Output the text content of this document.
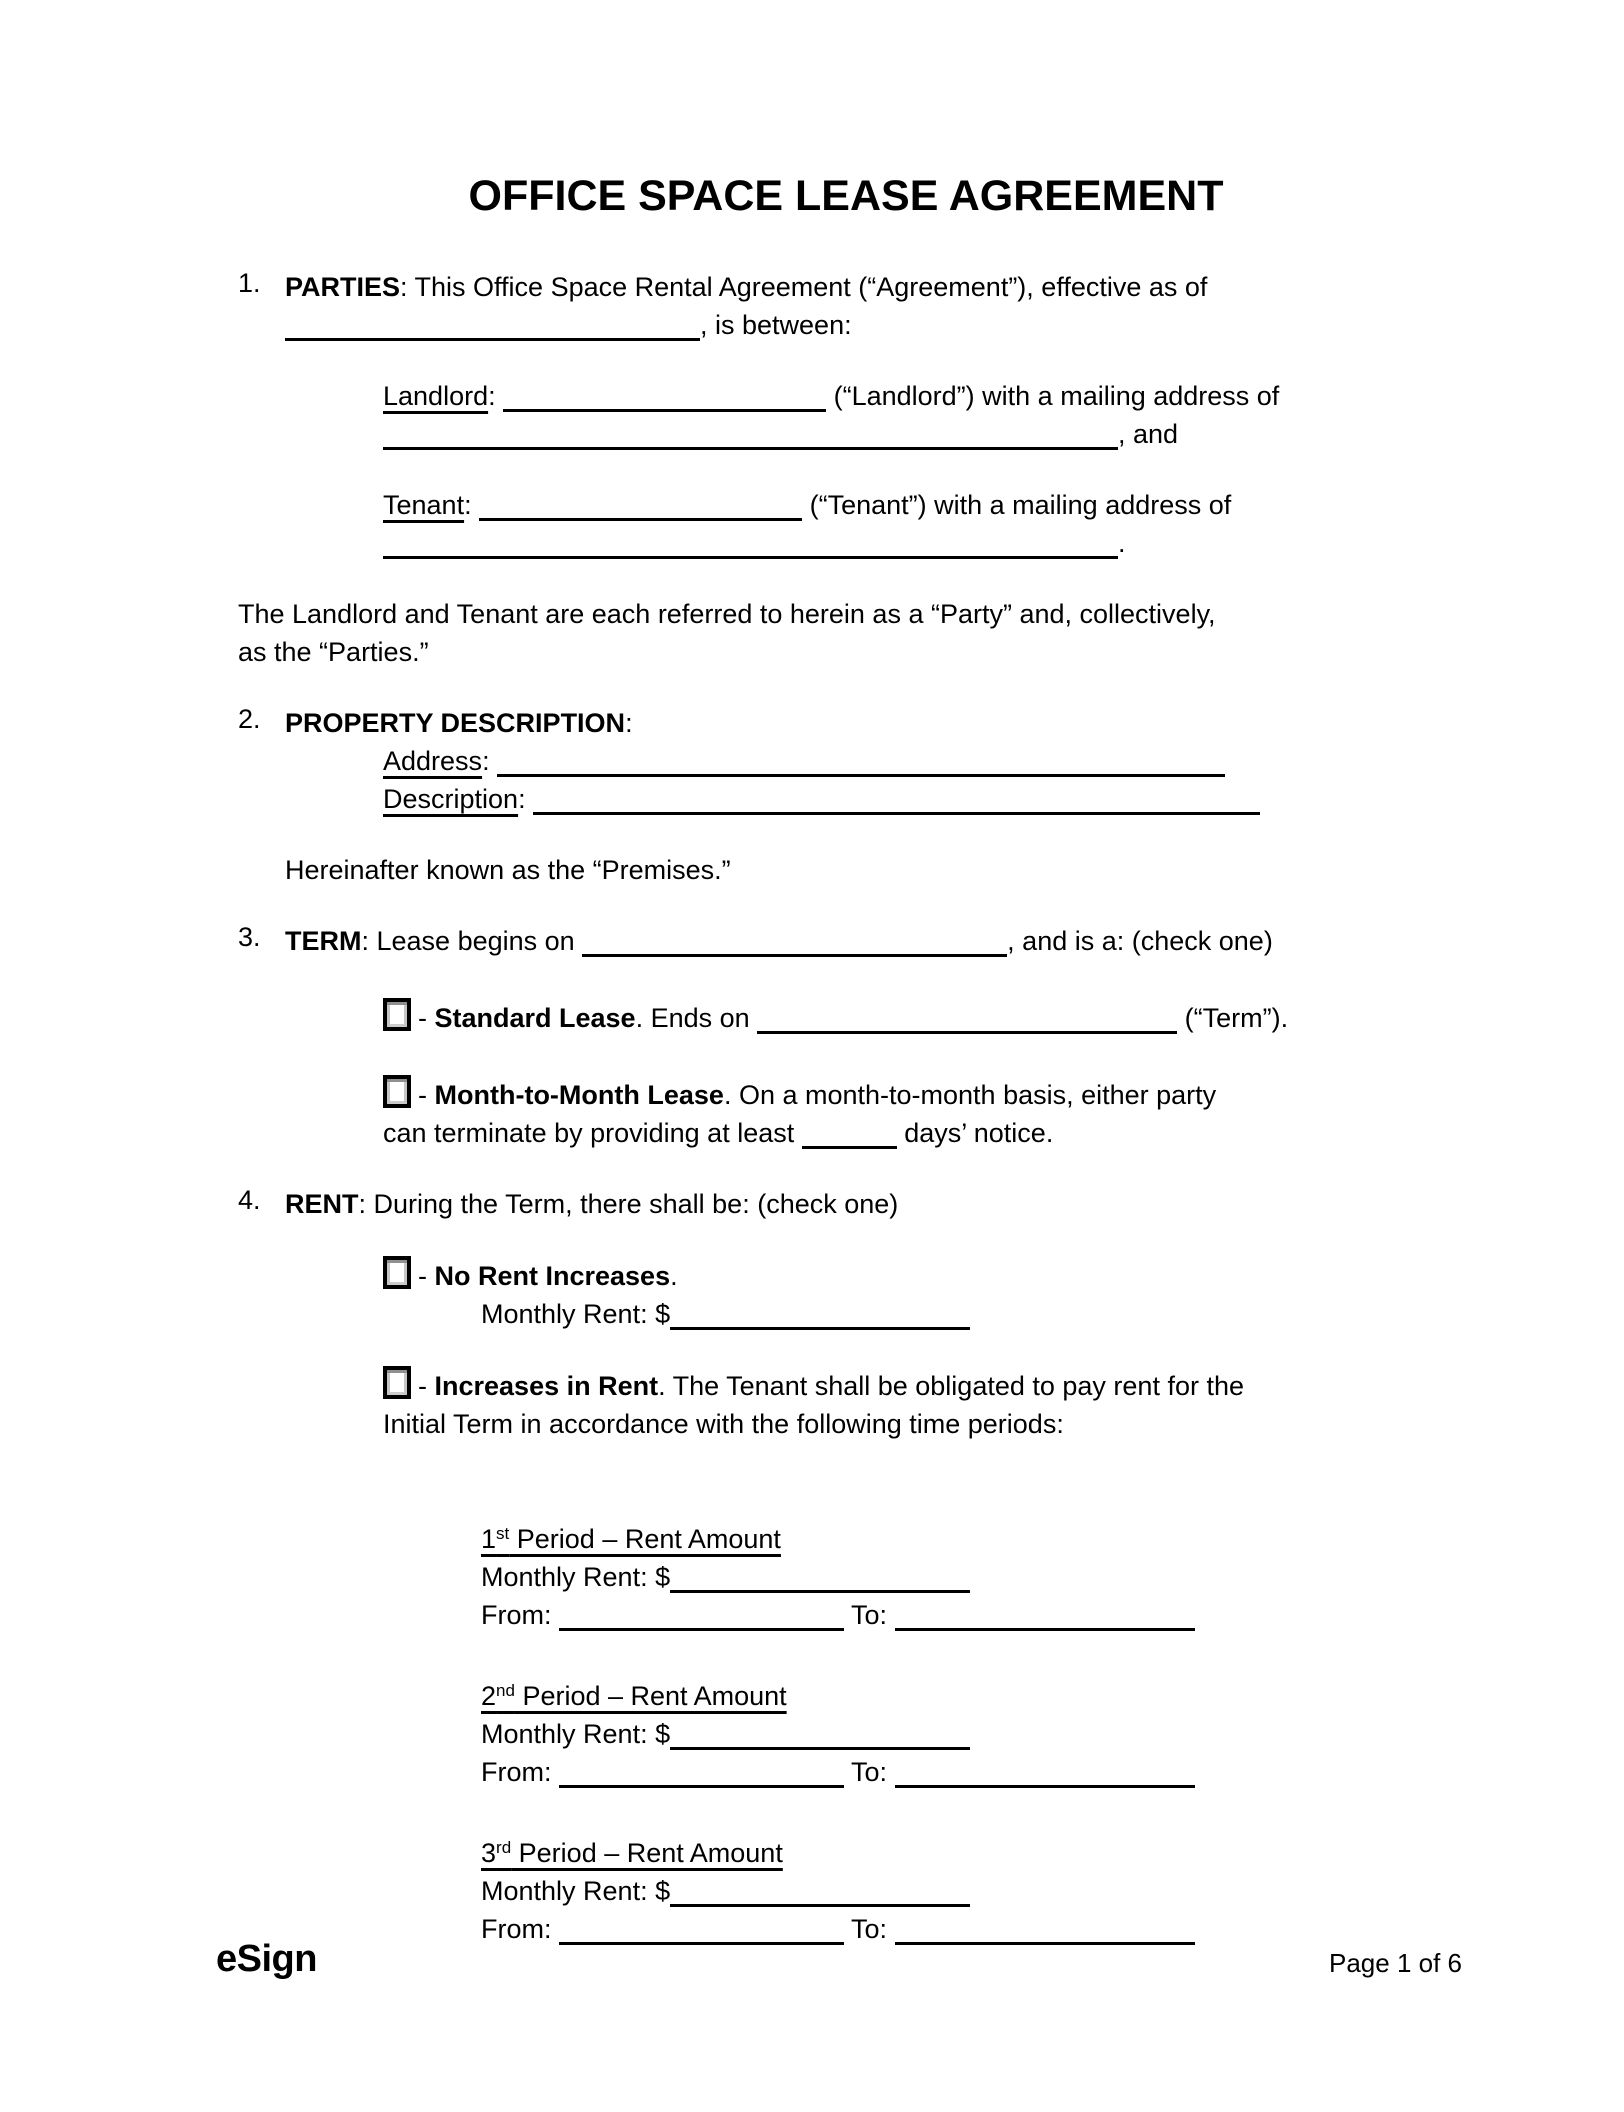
OFFICE SPACE LEASE AGREEMENT
1. PARTIES: This Office Space Rental Agreement (“Agreement”), effective as of
, is between:
Landlord:	(“Landlord”) with a mailing address of
, and
Tenant:	(“Tenant”) with a mailing address of
.
The Landlord and Tenant are each referred to herein as a “Party” and, collectively,
as the “Parties.”
2. PROPERTY DESCRIPTION:
Address:
Description:
Hereinafter known as the “Premises.”
3. TERM: Lease begins on	, and is a: (check one)
- Standard Lease. Ends on	(“Term”).
- Month-to-Month Lease. On a month-to-month basis, either party
can terminate by providing at least	days’ notice.
4. RENT: During the Term, there shall be: (check one)
- No Rent Increases.
Monthly Rent: $
- Increases in Rent. The Tenant shall be obligated to pay rent for the
Initial Term in accordance with the following time periods:
1st Period – Rent Amount
Monthly Rent: $
From:	To:
2nd Period – Rent Amount
Monthly Rent: $
From:	To:
3rd Period – Rent Amount
Monthly Rent: $
From:	To:
eSign	Page 1 of 6
